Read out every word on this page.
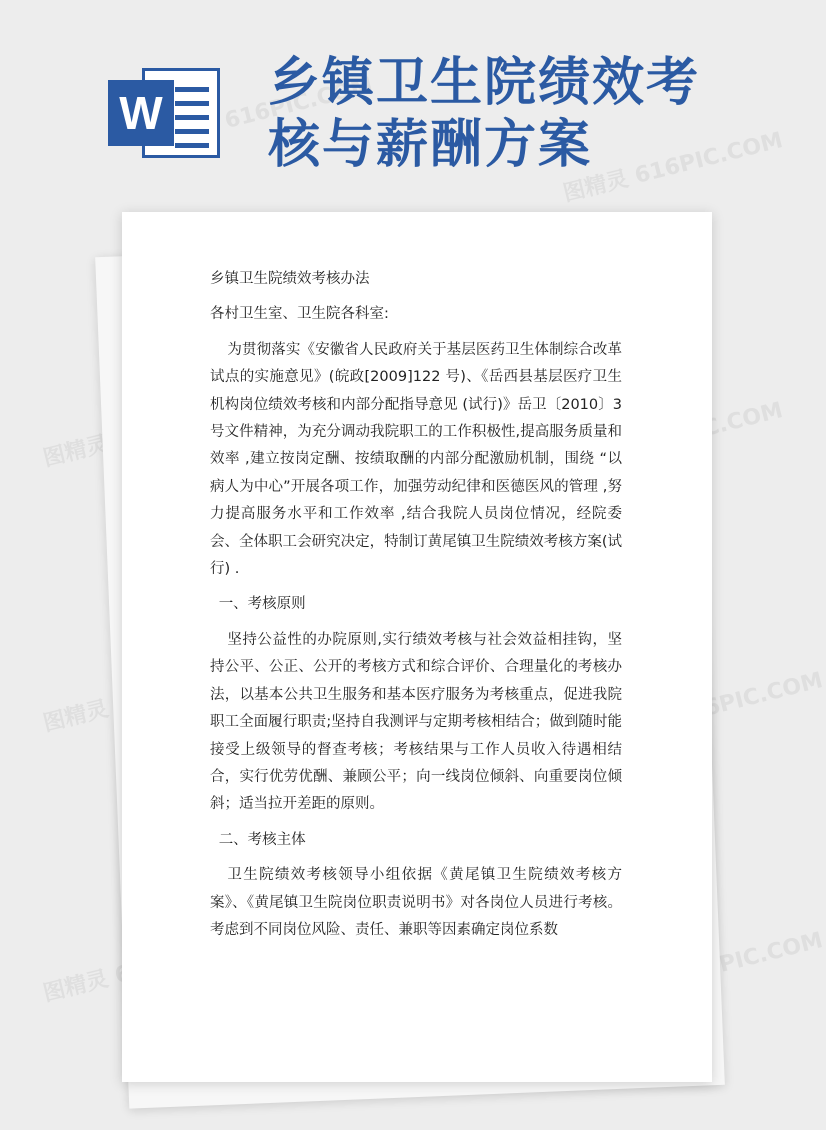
图精灵 616PIC.COM
图精灵 616PIC.COM
图精灵
图精灵	图精灵 616PIC.COM
图精灵	616PIC.COM
W 乡镇卫生院绩效考核与薪酬方案

乡镇卫生院绩效考核办法

各村卫生室、卫生院各科室:

为贯彻落实《安徽省人民政府关于基层医药卫生体制综合改革试点的实施意见》(皖政[2009]122 号)、《岳西县基层医疗卫生机构岗位绩效考核和内部分配指导意见 (试行)》岳卫〔2010〕3 号文件精神，为充分调动我院职工的工作积极性,提高服务质量和效率 ,建立按岗定酬、按绩取酬的内部分配激励机制，围绕 “以病人为中心”开展各项工作，加强劳动纪律和医德医风的管理 ,努力提高服务水平和工作效率 ,结合我院人员岗位情况，经院委会、全体职工会研究决定，特制订黄尾镇卫生院绩效考核方案(试行) .

一、考核原则

坚持公益性的办院原则,实行绩效考核与社会效益相挂钩，坚持公平、公正、公开的考核方式和综合评价、合理量化的考核办法，以基本公共卫生服务和基本医疗服务为考核重点，促进我院职工全面履行职责;坚持自我测评与定期考核相结合；做到随时能接受上级领导的督查考核；考核结果与工作人员收入待遇相结合，实行优劳优酬、兼顾公平；向一线岗位倾斜、向重要岗位倾斜；适当拉开差距的原则。

二、考核主体

卫生院绩效考核领导小组依据《黄尾镇卫生院绩效考核方案》、《黄尾镇卫生院岗位职责说明书》对各岗位人员进行考核。考虑到不同岗位风险、责任、兼职等因素确定岗位系数
